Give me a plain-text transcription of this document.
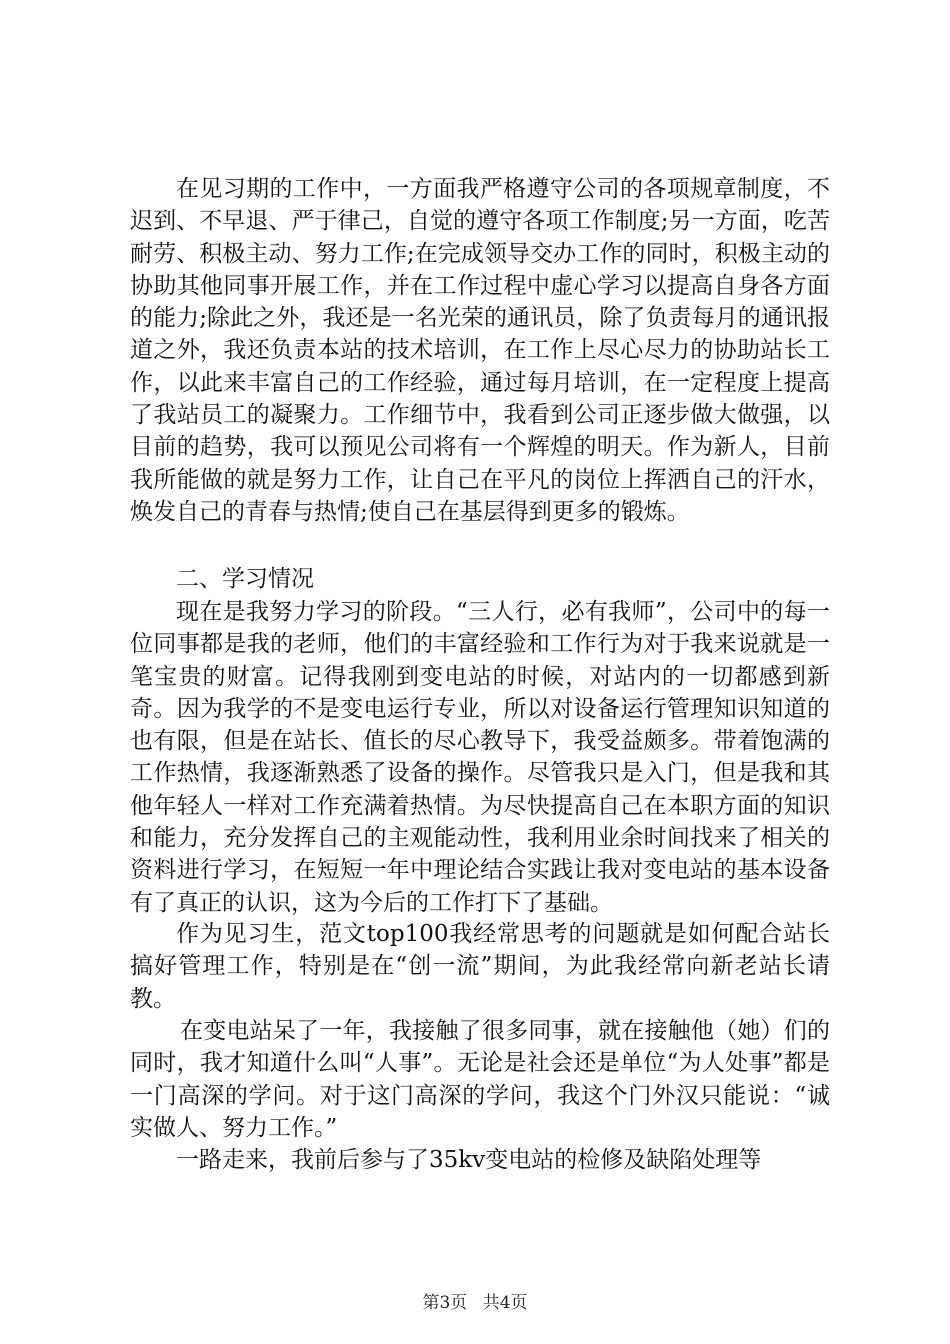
在见习期的工作中，一方面我严格遵守公司的各项规章制度，不迟到、不早退、严于律己，自觉的遵守各项工作制度;另一方面，吃苦耐劳、积极主动、努力工作;在完成领导交办工作的同时，积极主动的协助其他同事开展工作，并在工作过程中虚心学习以提高自身各方面的能力;除此之外，我还是一名光荣的通讯员，除了负责每月的通讯报道之外，我还负责本站的技术培训，在工作上尽心尽力的协助站长工作，以此来丰富自己的工作经验，通过每月培训，在一定程度上提高了我站员工的凝聚力。工作细节中，我看到公司正逐步做大做强，以目前的趋势，我可以预见公司将有一个辉煌的明天。作为新人，目前我所能做的就是努力工作，让自己在平凡的岗位上挥洒自己的汗水，焕发自己的青春与热情;使自己在基层得到更多的锻炼。

二、学习情况

现在是我努力学习的阶段。“三人行，必有我师”，公司中的每一位同事都是我的老师，他们的丰富经验和工作行为对于我来说就是一笔宝贵的财富。记得我刚到变电站的时候，对站内的一切都感到新奇。因为我学的不是变电运行专业，所以对设备运行管理知识知道的也有限，但是在站长、值长的尽心教导下，我受益颇多。带着饱满的工作热情，我逐渐熟悉了设备的操作。尽管我只是入门，但是我和其他年轻人一样对工作充满着热情。为尽快提高自己在本职方面的知识和能力，充分发挥自己的主观能动性，我利用业余时间找来了相关的资料进行学习，在短短一年中理论结合实践让我对变电站的基本设备有了真正的认识，这为今后的工作打下了基础。

作为见习生，范文top100我经常思考的问题就是如何配合站长搞好管理工作，特别是在“创一流”期间，为此我经常向新老站长请教。

在变电站呆了一年，我接触了很多同事，就在接触他（她）们的同时，我才知道什么叫“人事”。无论是社会还是单位“为人处事”都是一门高深的学问。对于这门高深的学问，我这个门外汉只能说：“诚实做人、努力工作。”

一路走来，我前后参与了35kv变电站的检修及缺陷处理等

第3页 共4页
